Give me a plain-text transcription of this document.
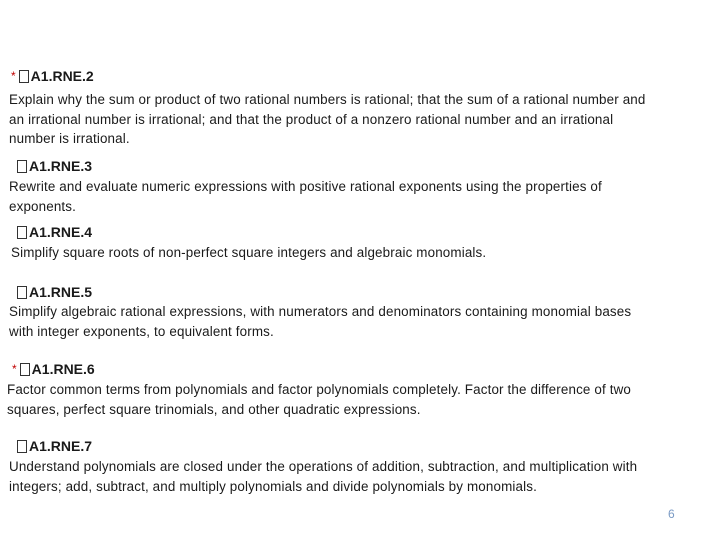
* A1.RNE.2
Explain why the sum or product of two rational numbers is rational; that the sum of a rational number and
an irrational number is irrational; and that the product of a nonzero rational number and an irrational
number is irrational.
A1.RNE.3
Rewrite and evaluate numeric expressions with positive rational exponents using the properties of
exponents.
A1.RNE.4
Simplify square roots of non-perfect square integers and algebraic monomials.
A1.RNE.5
Simplify algebraic rational expressions, with numerators and denominators containing monomial bases
with integer exponents, to equivalent forms.
* A1.RNE.6
Factor common terms from polynomials and factor polynomials completely. Factor the difference of two
squares, perfect square trinomials, and other quadratic expressions.
A1.RNE.7
Understand polynomials are closed under the operations of addition, subtraction, and multiplication with
integers; add, subtract, and multiply polynomials and divide polynomials by monomials.
6
